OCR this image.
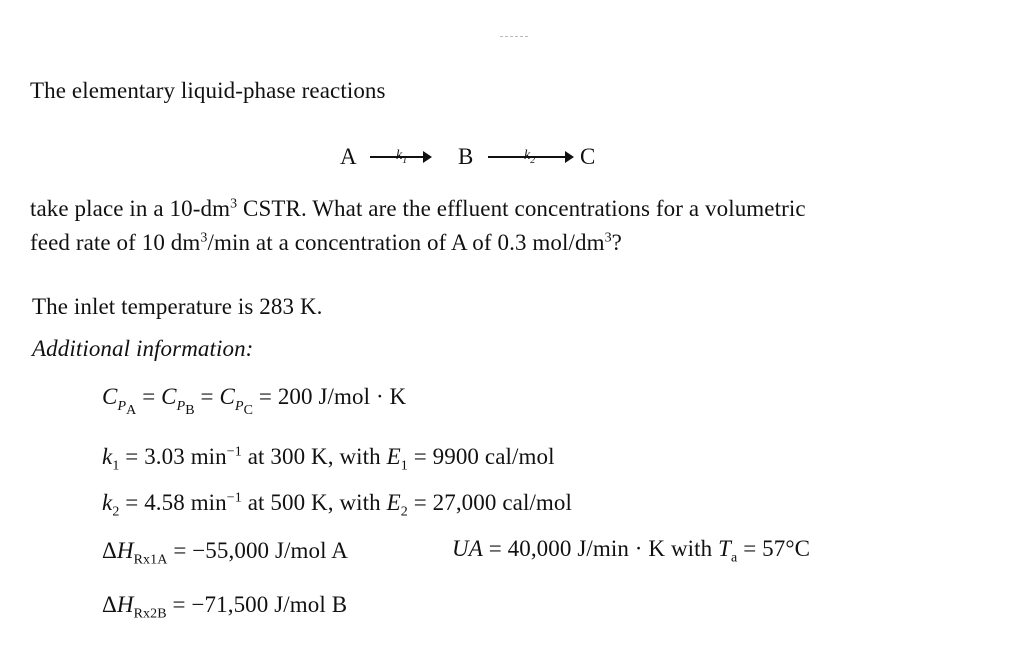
The elementary liquid-phase reactions
A	$k_1$ B	$k_2$ C
take place in a $10-dm^3$ CSTR. What are the effluent concentrations for a volumetric
feed rate of 10 $dm^3/\min$ at a concentration of A of 0.3 mol/$dm^3$?
The inlet temperature is 283 K.
Additional information:
$C_{P_A} = C_{P_B} = C_{P_C} = 200$ J/mol · K
$k_1 = 3.03$ $\min^{-1}$ at 300 K, with $E_1 = 9900$ cal/mol
$k_2 = 4.58$ $\min^{-1}$ at 500 K, with $E_2 = 27,000$ cal/mol
$\Delta H_{Rx1A} = -55,000$ J/mol A	UA = 40,000 J/min · K with $T_a = 57^\circ C$
$\Delta H_{Rx2B} = -71,500$ J/mol B
